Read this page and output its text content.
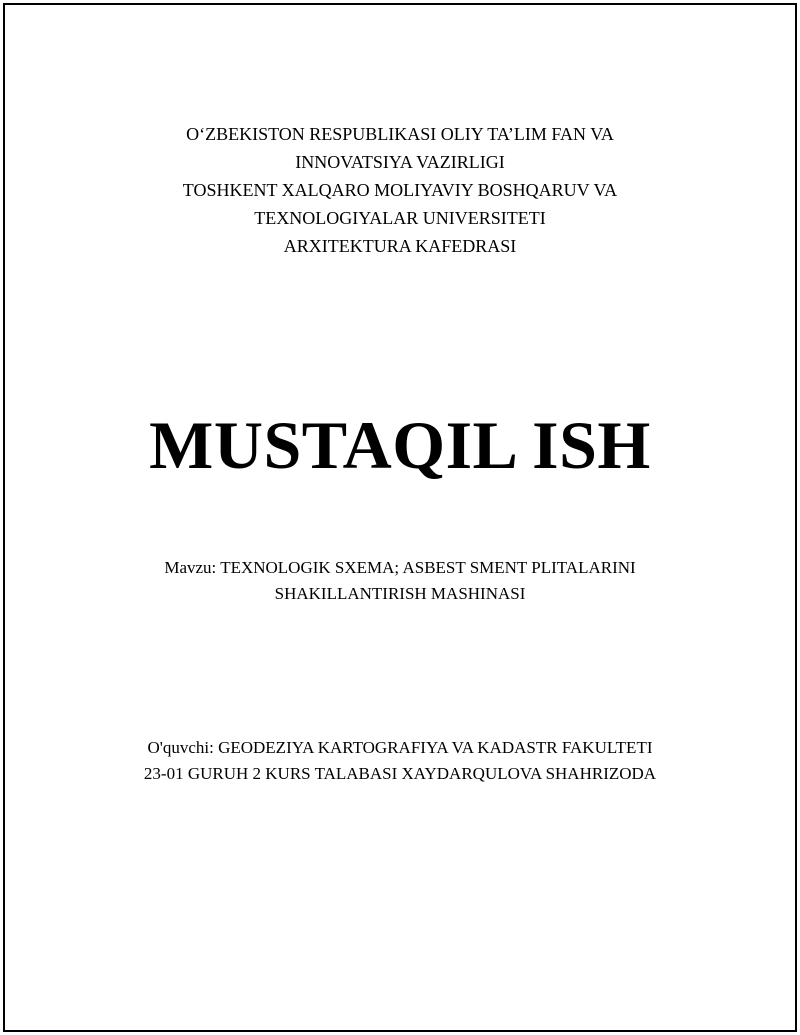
O‘ZBEKISTON RESPUBLIKASI OLIY TA’LIM FAN VA
INNOVATSIYA VAZIRLIGI
TOSHKENT XALQARO MOLIYAVIY BOSHQARUV VA
TEXNOLOGIYALAR UNIVERSITETI
ARXITEKTURA KAFEDRASI
MUSTAQIL ISH
Mavzu: TEXNOLOGIK SXEMA; ASBEST SMENT PLITALARINI
SHAKILLANTIRISH MASHINASI
O'quvchi: GEODEZIYA KARTOGRAFIYA VA KADASTR FAKULTETI
23-01 GURUH 2 KURS TALABASI XAYDARQULOVA SHAHRIZODA
